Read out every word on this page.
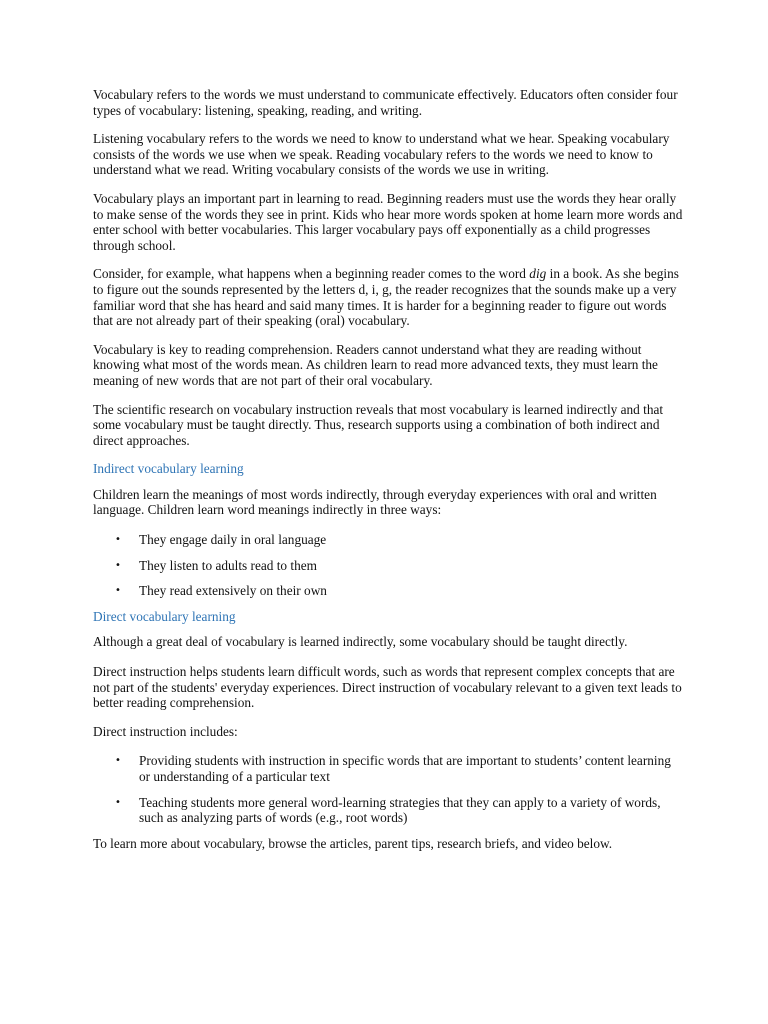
Vocabulary refers to the words we must understand to communicate effectively. Educators often consider four types of vocabulary: listening, speaking, reading, and writing.

Listening vocabulary refers to the words we need to know to understand what we hear. Speaking vocabulary consists of the words we use when we speak. Reading vocabulary refers to the words we need to know to understand what we read. Writing vocabulary consists of the words we use in writing.

Vocabulary plays an important part in learning to read. Beginning readers must use the words they hear orally to make sense of the words they see in print. Kids who hear more words spoken at home learn more words and enter school with better vocabularies. This larger vocabulary pays off exponentially as a child progresses through school.

Consider, for example, what happens when a beginning reader comes to the word dig in a book. As she begins to figure out the sounds represented by the letters d, i, g, the reader recognizes that the sounds make up a very familiar word that she has heard and said many times. It is harder for a beginning reader to figure out words that are not already part of their speaking (oral) vocabulary.

Vocabulary is key to reading comprehension. Readers cannot understand what they are reading without knowing what most of the words mean. As children learn to read more advanced texts, they must learn the meaning of new words that are not part of their oral vocabulary.

The scientific research on vocabulary instruction reveals that most vocabulary is learned indirectly and that some vocabulary must be taught directly. Thus, research supports using a combination of both indirect and direct approaches.

Indirect vocabulary learning

Children learn the meanings of most words indirectly, through everyday experiences with oral and written language. Children learn word meanings indirectly in three ways:

• They engage daily in oral language
• They listen to adults read to them
• They read extensively on their own
Direct vocabulary learning

Although a great deal of vocabulary is learned indirectly, some vocabulary should be taught directly.

Direct instruction helps students learn difficult words, such as words that represent complex concepts that are not part of the students' everyday experiences. Direct instruction of vocabulary relevant to a given text leads to better reading comprehension.

Direct instruction includes:

• Providing students with instruction in specific words that are important to students’ content learning or understanding of a particular text
• Teaching students more general word-learning strategies that they can apply to a variety of words, such as analyzing parts of words (e.g., root words)

To learn more about vocabulary, browse the articles, parent tips, research briefs, and video below.
